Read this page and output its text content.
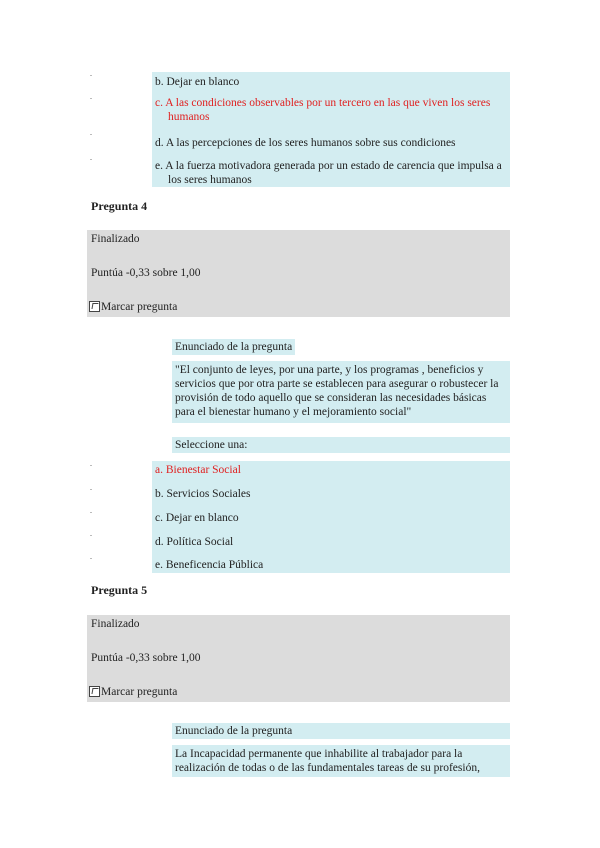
b. Dejar en blanco
c. A las condiciones observables por un tercero en las que viven los seres humanos
d. A las percepciones de los seres humanos sobre sus condiciones
e. A la fuerza motivadora generada por un estado de carencia que impulsa a los seres humanos
Pregunta 4
Finalizado
Puntúa -0,33 sobre 1,00
Marcar pregunta
Enunciado de la pregunta
"El conjunto de leyes, por una parte, y los programas , beneficios y servicios que por otra parte se establecen para asegurar o robustecer la provisión de todo aquello que se consideran las necesidades básicas para el bienestar humano y el mejoramiento social"
Seleccione una:
a. Bienestar Social
b. Servicios Sociales
c. Dejar en blanco
d. Política Social
e. Beneficencia Pública
Pregunta 5
Finalizado
Puntúa -0,33 sobre 1,00
Marcar pregunta
Enunciado de la pregunta
La Incapacidad permanente que inhabilite al trabajador para la realización de todas o de las fundamentales tareas de su profesión,
